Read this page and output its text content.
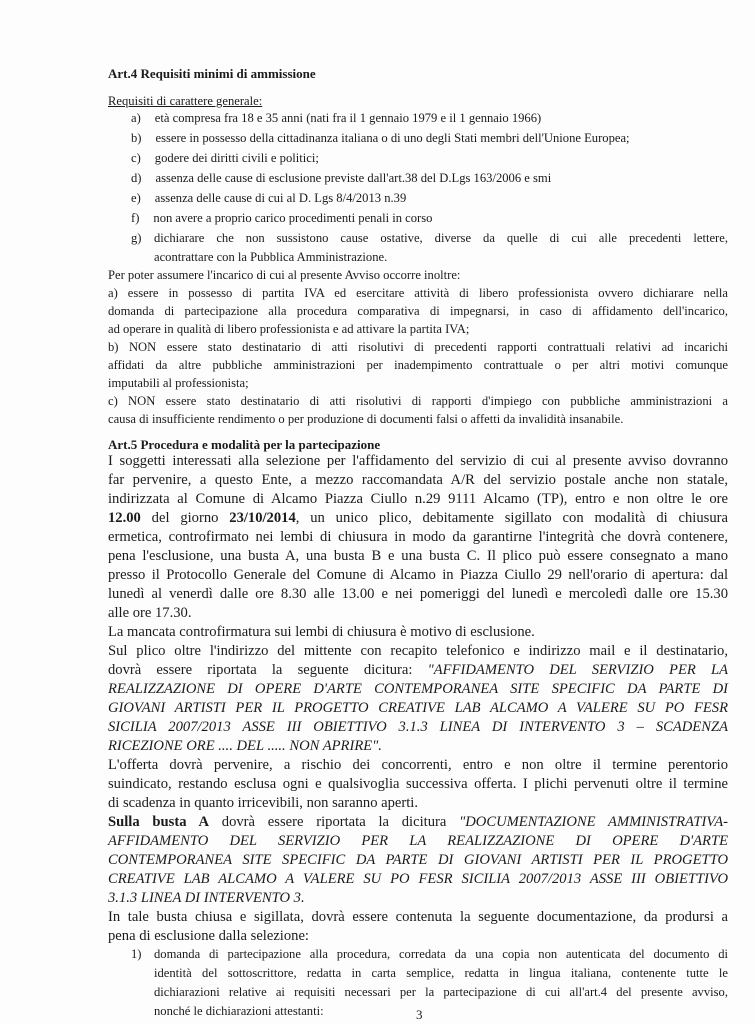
Art.4 Requisiti minimi di ammissione
Requisiti di carattere generale:
a) età compresa fra 18 e 35 anni (nati fra il 1 gennaio 1979 e il 1 gennaio 1966)
b) essere in possesso della cittadinanza italiana o di uno degli Stati membri dell'Unione Europea;
c) godere dei diritti civili e politici;
d) assenza delle cause di esclusione previste dall'art.38 del D.Lgs 163/2006 e smi
e) assenza delle cause di cui al D. Lgs 8/4/2013 n.39
f) non avere a proprio carico procedimenti penali in corso
g) dichiarare che non sussistono cause ostative, diverse da quelle di cui alle precedenti lettere,
acontrattare con la Pubblica Amministrazione.
Per poter assumere l'incarico di cui al presente Avviso occorre inoltre:
a) essere in possesso di partita IVA ed esercitare attività di libero professionista ovvero dichiarare nella
domanda di partecipazione alla procedura comparativa di impegnarsi, in caso di affidamento dell'incarico,
ad operare in qualità di libero professionista e ad attivare la partita IVA;
b) NON essere stato destinatario di atti risolutivi di precedenti rapporti contrattuali relativi ad incarichi
affidati da altre pubbliche amministrazioni per inadempimento contrattuale o per altri motivi comunque
imputabili al professionista;
c) NON essere stato destinatario di atti risolutivi di rapporti d'impiego con pubbliche amministrazioni a
causa di insufficiente rendimento o per produzione di documenti falsi o affetti da invalidità insanabile.
Art.5 Procedura e modalità per la partecipazione
I soggetti interessati alla selezione per l'affidamento del servizio di cui al presente avviso dovranno
far pervenire, a questo Ente, a mezzo raccomandata A/R del servizio postale anche non statale,
indirizzata al Comune di Alcamo Piazza Ciullo n.29 9111 Alcamo (TP), entro e non oltre le ore
12.00 del giorno 23/10/2014, un unico plico, debitamente sigillato con modalità di chiusura
ermetica, controfirmato nei lembi di chiusura in modo da garantirne l'integrità che dovrà contenere,
pena l'esclusione, una busta A, una busta B e una busta C. Il plico può essere consegnato a mano
presso il Protocollo Generale del Comune di Alcamo in Piazza Ciullo 29 nell'orario di apertura: dal
lunedì al venerdì dalle ore 8.30 alle 13.00 e nei pomeriggi del lunedì e mercoledì dalle ore 15.30
alle ore 17.30.
La mancata controfirmatura sui lembi di chiusura è motivo di esclusione.
Sul plico oltre l'indirizzo del mittente con recapito telefonico e indirizzo mail e il destinatario,
dovrà essere riportata la seguente dicitura: "AFFIDAMENTO DEL SERVIZIO PER LA
REALIZZAZIONE DI OPERE D'ARTE CONTEMPORANEA SITE SPECIFIC DA PARTE DI
GIOVANI ARTISTI PER IL PROGETTO CREATIVE LAB ALCAMO A VALERE SU PO FESR
SICILIA 2007/2013 ASSE III OBIETTIVO 3.1.3 LINEA DI INTERVENTO 3 – SCADENZA
RICEZIONE ORE .... DEL ..... NON APRIRE".
L'offerta dovrà pervenire, a rischio dei concorrenti, entro e non oltre il termine perentorio
suindicato, restando esclusa ogni e qualsivoglia successiva offerta. I plichi pervenuti oltre il termine
di scadenza in quanto irricevibili, non saranno aperti.
Sulla busta A dovrà essere riportata la dicitura "DOCUMENTAZIONE AMMINISTRATIVA-
AFFIDAMENTO DEL SERVIZIO PER LA REALIZZAZIONE DI OPERE D'ARTE
CONTEMPORANEA SITE SPECIFIC DA PARTE DI GIOVANI ARTISTI PER IL PROGETTO
CREATIVE LAB ALCAMO A VALERE SU PO FESR SICILIA 2007/2013 ASSE III OBIETTIVO
3.1.3 LINEA DI INTERVENTO 3.
In tale busta chiusa e sigillata, dovrà essere contenuta la seguente documentazione, da prodursi a
pena di esclusione dalla selezione:
1) domanda di partecipazione alla procedura, corredata da una copia non autenticata del documento di
identità del sottoscrittore, redatta in carta semplice, redatta in lingua italiana, contenente tutte le
dichiarazioni relative ai requisiti necessari per la partecipazione di cui all'art.4 del presente avviso,
nonché le dichiarazioni attestanti:	3
